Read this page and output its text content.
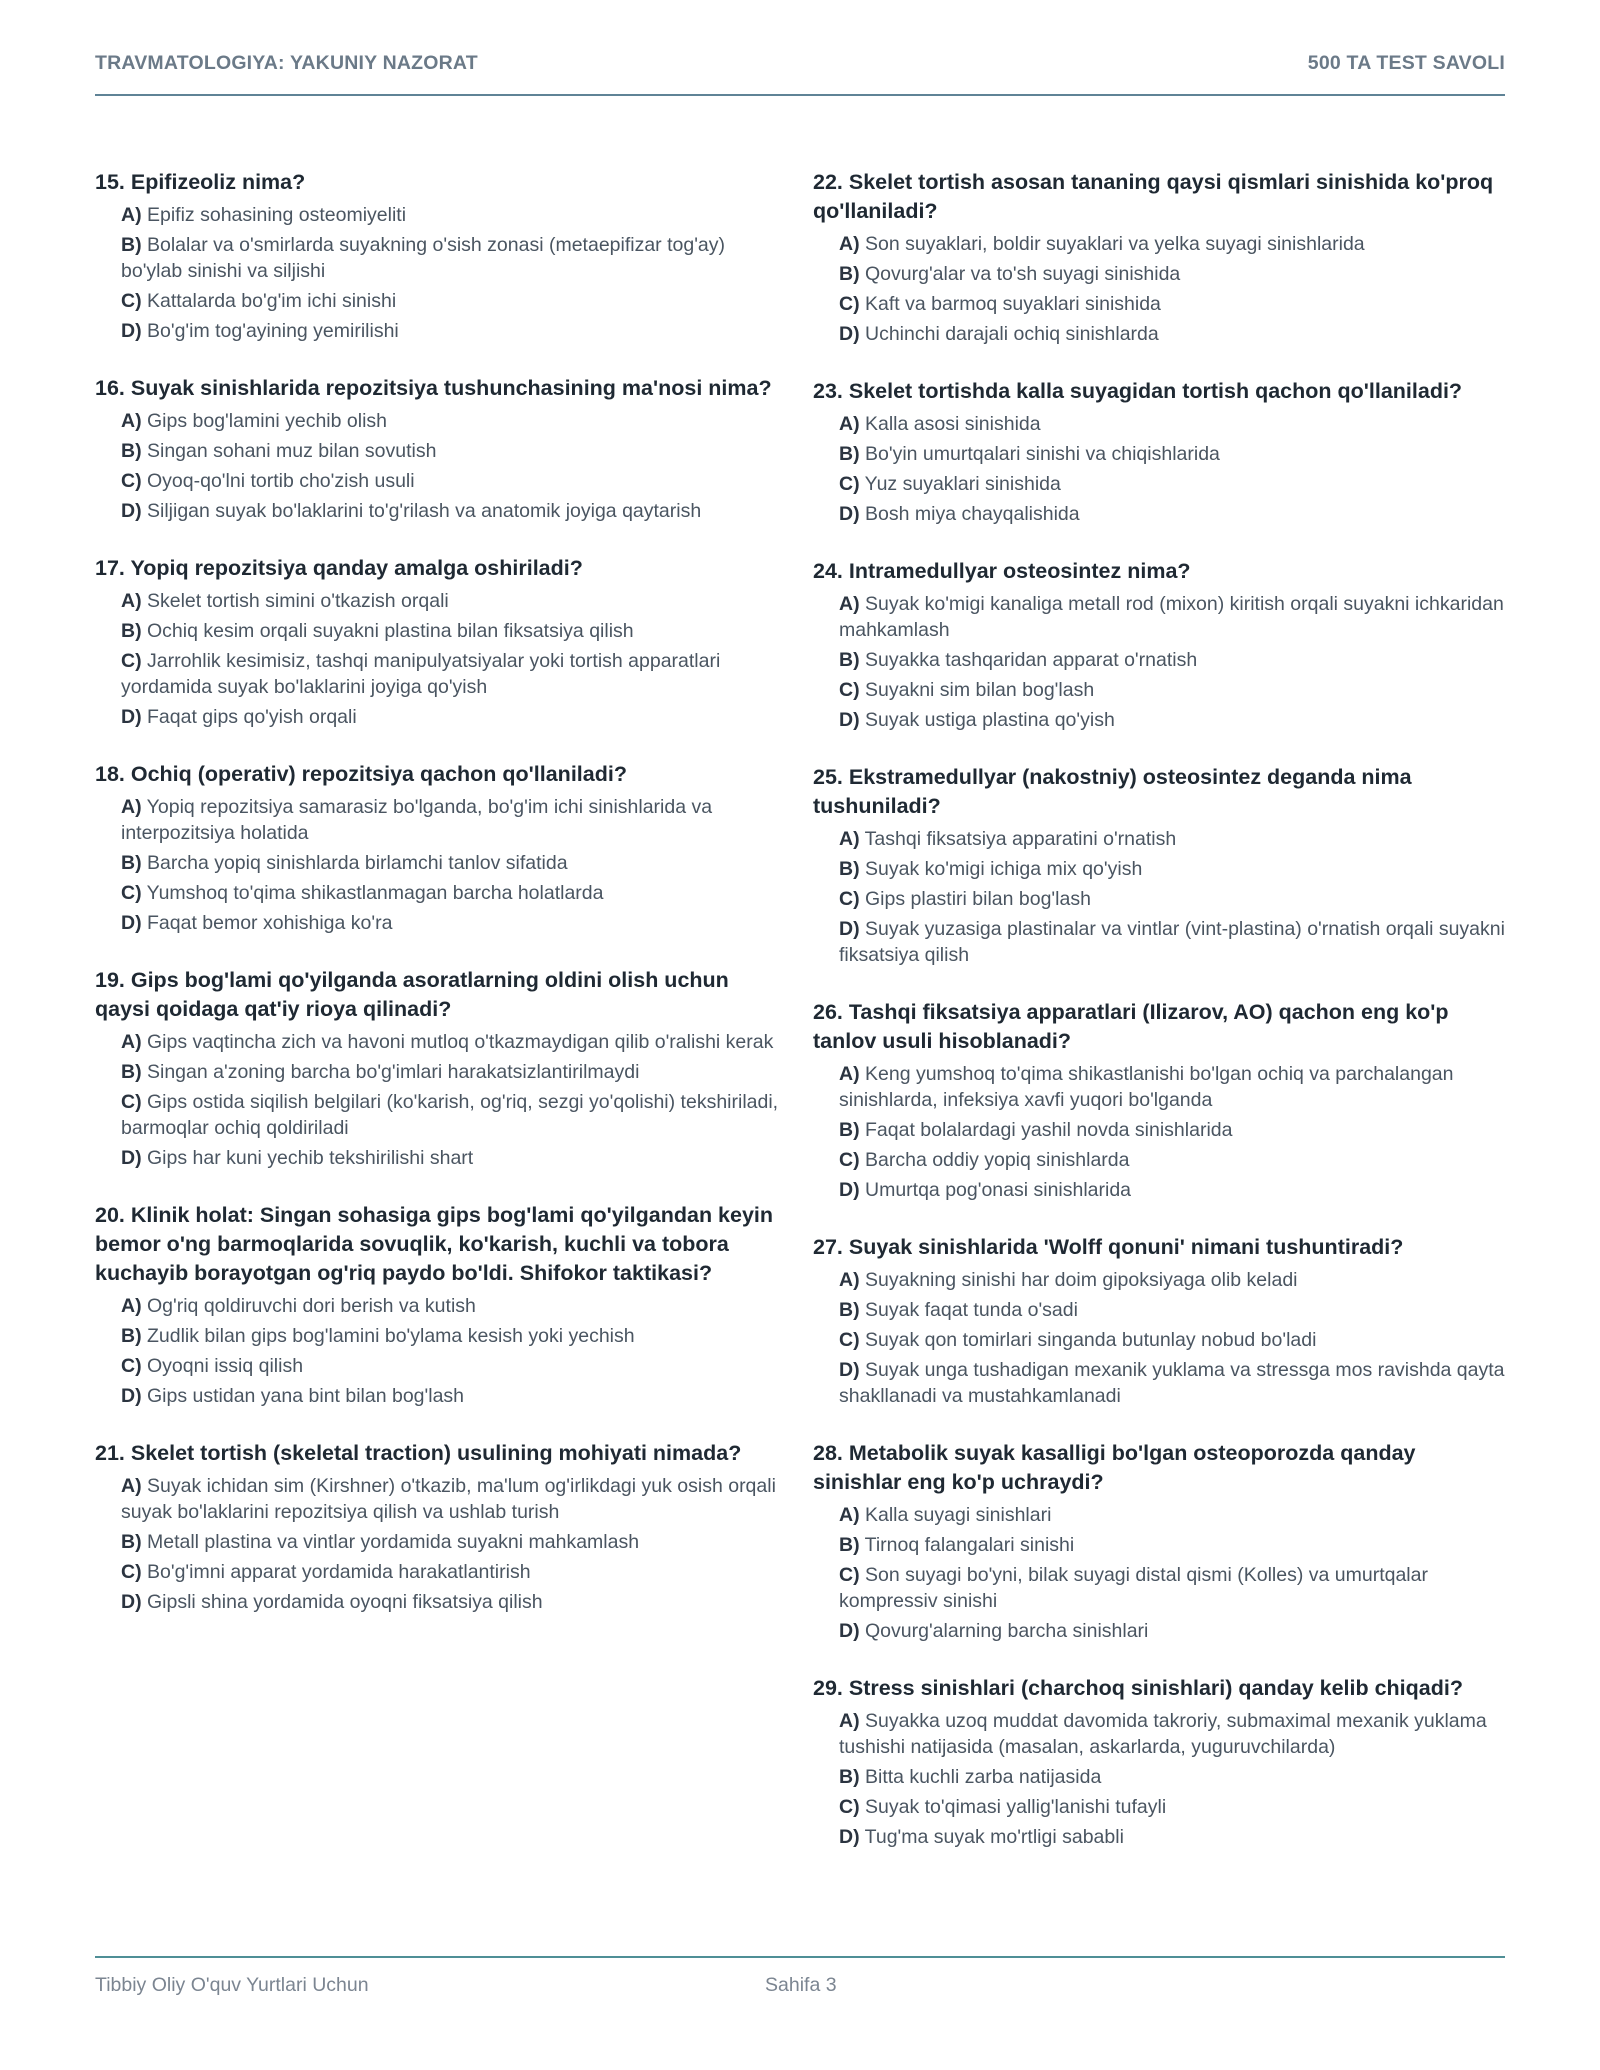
TRAVMATOLOGIYA: YAKUNIY NAZORAT	500 TA TEST SAVOLI
15. Epifizeoliz nima?
A) Epifiz sohasining osteomiyeliti
B) Bolalar va o'smirlarda suyakning o'sish zonasi (metaepifizar tog'ay) bo'ylab sinishi va siljishi
C) Kattalarda bo'g'im ichi sinishi
D) Bo'g'im tog'ayining yemirilishi
16. Suyak sinishlarida repozitsiya tushunchasining ma'nosi nima?
A) Gips bog'lamini yechib olish
B) Singan sohani muz bilan sovutish
C) Oyoq-qo'lni tortib cho'zish usuli
D) Siljigan suyak bo'laklarini to'g'rilash va anatomik joyiga qaytarish
17. Yopiq repozitsiya qanday amalga oshiriladi?
A) Skelet tortish simini o'tkazish orqali
B) Ochiq kesim orqali suyakni plastina bilan fiksatsiya qilish
C) Jarrohlik kesimisiz, tashqi manipulyatsiyalar yoki tortish apparatlari yordamida suyak bo'laklarini joyiga qo'yish
D) Faqat gips qo'yish orqali
18. Ochiq (operativ) repozitsiya qachon qo'llaniladi?
A) Yopiq repozitsiya samarasiz bo'lganda, bo'g'im ichi sinishlarida va interpozitsiya holatida
B) Barcha yopiq sinishlarda birlamchi tanlov sifatida
C) Yumshoq to'qima shikastlanmagan barcha holatlarda
D) Faqat bemor xohishiga ko'ra
19. Gips bog'lami qo'yilganda asoratlarning oldini olish uchun qaysi qoidaga qat'iy rioya qilinadi?
A) Gips vaqtincha zich va havoni mutloq o'tkazmaydigan qilib o'ralishi kerak
B) Singan a'zoning barcha bo'g'imlari harakatsizlantirilmaydi
C) Gips ostida siqilish belgilari (ko'karish, og'riq, sezgi yo'qolishi) tekshiriladi, barmoqlar ochiq qoldiriladi
D) Gips har kuni yechib tekshirilishi shart
20. Klinik holat: Singan sohasiga gips bog'lami qo'yilgandan keyin bemor o'ng barmoqlarida sovuqlik, ko'karish, kuchli va tobora kuchayib borayotgan og'riq paydo bo'ldi. Shifokor taktikasi?
A) Og'riq qoldiruvchi dori berish va kutish
B) Zudlik bilan gips bog'lamini bo'ylama kesish yoki yechish
C) Oyoqni issiq qilish
D) Gips ustidan yana bint bilan bog'lash
21. Skelet tortish (skeletal traction) usulining mohiyati nimada?
A) Suyak ichidan sim (Kirshner) o'tkazib, ma'lum og'irlikdagi yuk osish orqali suyak bo'laklarini repozitsiya qilish va ushlab turish
B) Metall plastina va vintlar yordamida suyakni mahkamlash
C) Bo'g'imni apparat yordamida harakatlantirish
D) Gipsli shina yordamida oyoqni fiksatsiya qilish
22. Skelet tortish asosan tananing qaysi qismlari sinishida ko'proq qo'llaniladi?
A) Son suyaklari, boldir suyaklari va yelka suyagi sinishlarida
B) Qovurg'alar va to'sh suyagi sinishida
C) Kaft va barmoq suyaklari sinishida
D) Uchinchi darajali ochiq sinishlarda
23. Skelet tortishda kalla suyagidan tortish qachon qo'llaniladi?
A) Kalla asosi sinishida
B) Bo'yin umurtqalari sinishi va chiqishlarida
C) Yuz suyaklari sinishida
D) Bosh miya chayqalishida
24. Intramedullyar osteosintez nima?
A) Suyak ko'migi kanaliga metall rod (mixon) kiritish orqali suyakni ichkaridan mahkamlash
B) Suyakka tashqaridan apparat o'rnatish
C) Suyakni sim bilan bog'lash
D) Suyak ustiga plastina qo'yish
25. Ekstramedullyar (nakostniy) osteosintez deganda nima tushuniladi?
A) Tashqi fiksatsiya apparatini o'rnatish
B) Suyak ko'migi ichiga mix qo'yish
C) Gips plastiri bilan bog'lash
D) Suyak yuzasiga plastinalar va vintlar (vint-plastina) o'rnatish orqali suyakni fiksatsiya qilish
26. Tashqi fiksatsiya apparatlari (Ilizarov, AO) qachon eng ko'p tanlov usuli hisoblanadi?
A) Keng yumshoq to'qima shikastlanishi bo'lgan ochiq va parchalangan sinishlarda, infeksiya xavfi yuqori bo'lganda
B) Faqat bolalardagi yashil novda sinishlarida
C) Barcha oddiy yopiq sinishlarda
D) Umurtqa pog'onasi sinishlarida
27. Suyak sinishlarida 'Wolff qonuni' nimani tushuntiradi?
A) Suyakning sinishi har doim gipoksiyaga olib keladi
B) Suyak faqat tunda o'sadi
C) Suyak qon tomirlari singanda butunlay nobud bo'ladi
D) Suyak unga tushadigan mexanik yuklama va stressga mos ravishda qayta shakllanadi va mustahkamlanadi
28. Metabolik suyak kasalligi bo'lgan osteoporozda qanday sinishlar eng ko'p uchraydi?
A) Kalla suyagi sinishlari
B) Tirnoq falangalari sinishi
C) Son suyagi bo'yni, bilak suyagi distal qismi (Kolles) va umurtqalar kompressiv sinishi
D) Qovurg'alarning barcha sinishlari
29. Stress sinishlari (charchoq sinishlari) qanday kelib chiqadi?
A) Suyakka uzoq muddat davomida takroriy, submaximal mexanik yuklama tushishi natijasida (masalan, askarlarda, yuguruvchilarda)
B) Bitta kuchli zarba natijasida
C) Suyak to'qimasi yallig'lanishi tufayli
D) Tug'ma suyak mo'rtligi sababli
Tibbiy Oliy O'quv Yurtlari Uchun	Sahifa 3
